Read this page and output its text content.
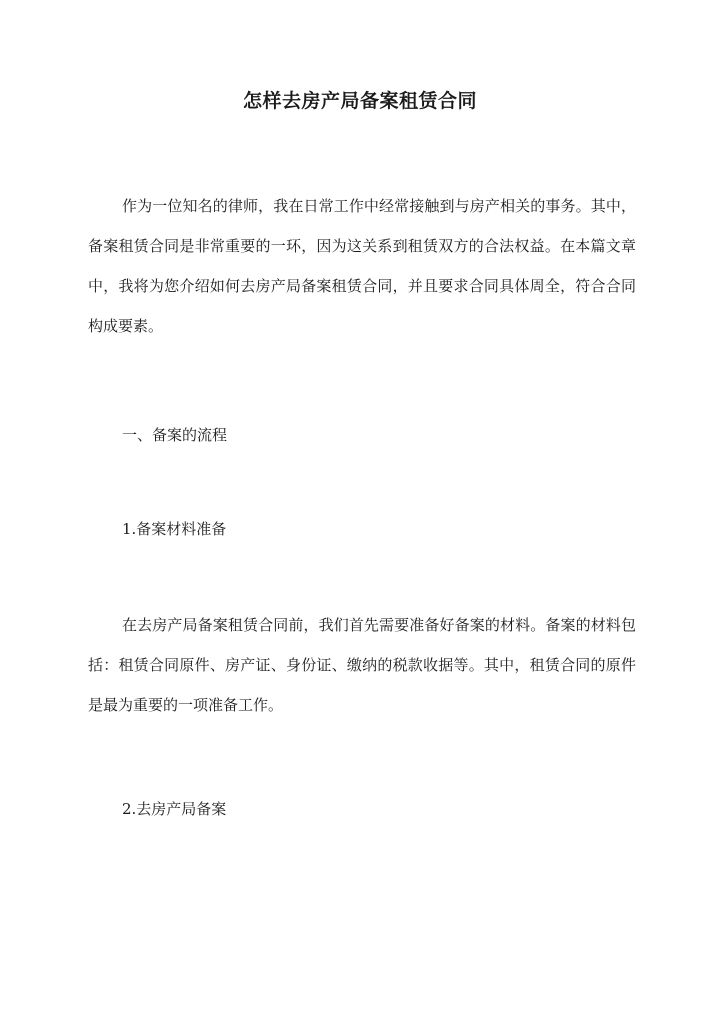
怎样去房产局备案租赁合同

作为一位知名的律师，我在日常工作中经常接触到与房产相关的事务。其中，备案租赁合同是非常重要的一环，因为这关系到租赁双方的合法权益。在本篇文章中，我将为您介绍如何去房产局备案租赁合同，并且要求合同具体周全，符合合同构成要素。

一、备案的流程
1.备案材料准备

在去房产局备案租赁合同前，我们首先需要准备好备案的材料。备案的材料包括：租赁合同原件、房产证、身份证、缴纳的税款收据等。其中，租赁合同的原件是最为重要的一项准备工作。

2.去房产局备案
